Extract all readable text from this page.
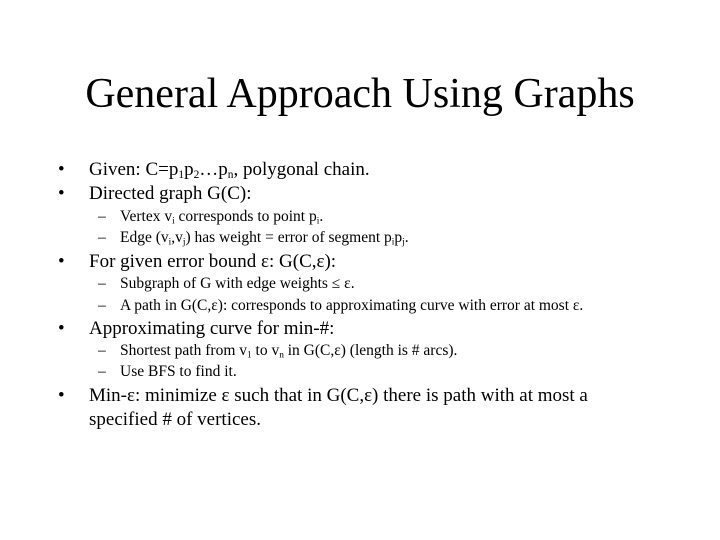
General Approach Using Graphs
• Given: $C=p_1p_2\dots p_n$, polygonal chain.
• Directed graph G(C):
– Vertex $v_i$ corresponds to point $p_i$.
– Edge $(v_i,v_j)$ has weight = error of segment $p_ip_j$.
• For given error bound ε: G(C,ε):
– Subgraph of G with edge weights ≤ ε.
– A path in G(C,ε): corresponds to approximating curve with error at most ε.
• Approximating curve for min-#:
– Shortest path from $v_1$ to $v_n$ in G(C,ε) (length is # arcs).
– Use BFS to find it.
• Min-ε: minimize ε such that in G(C,ε) there is path with at most a specified # of vertices.
